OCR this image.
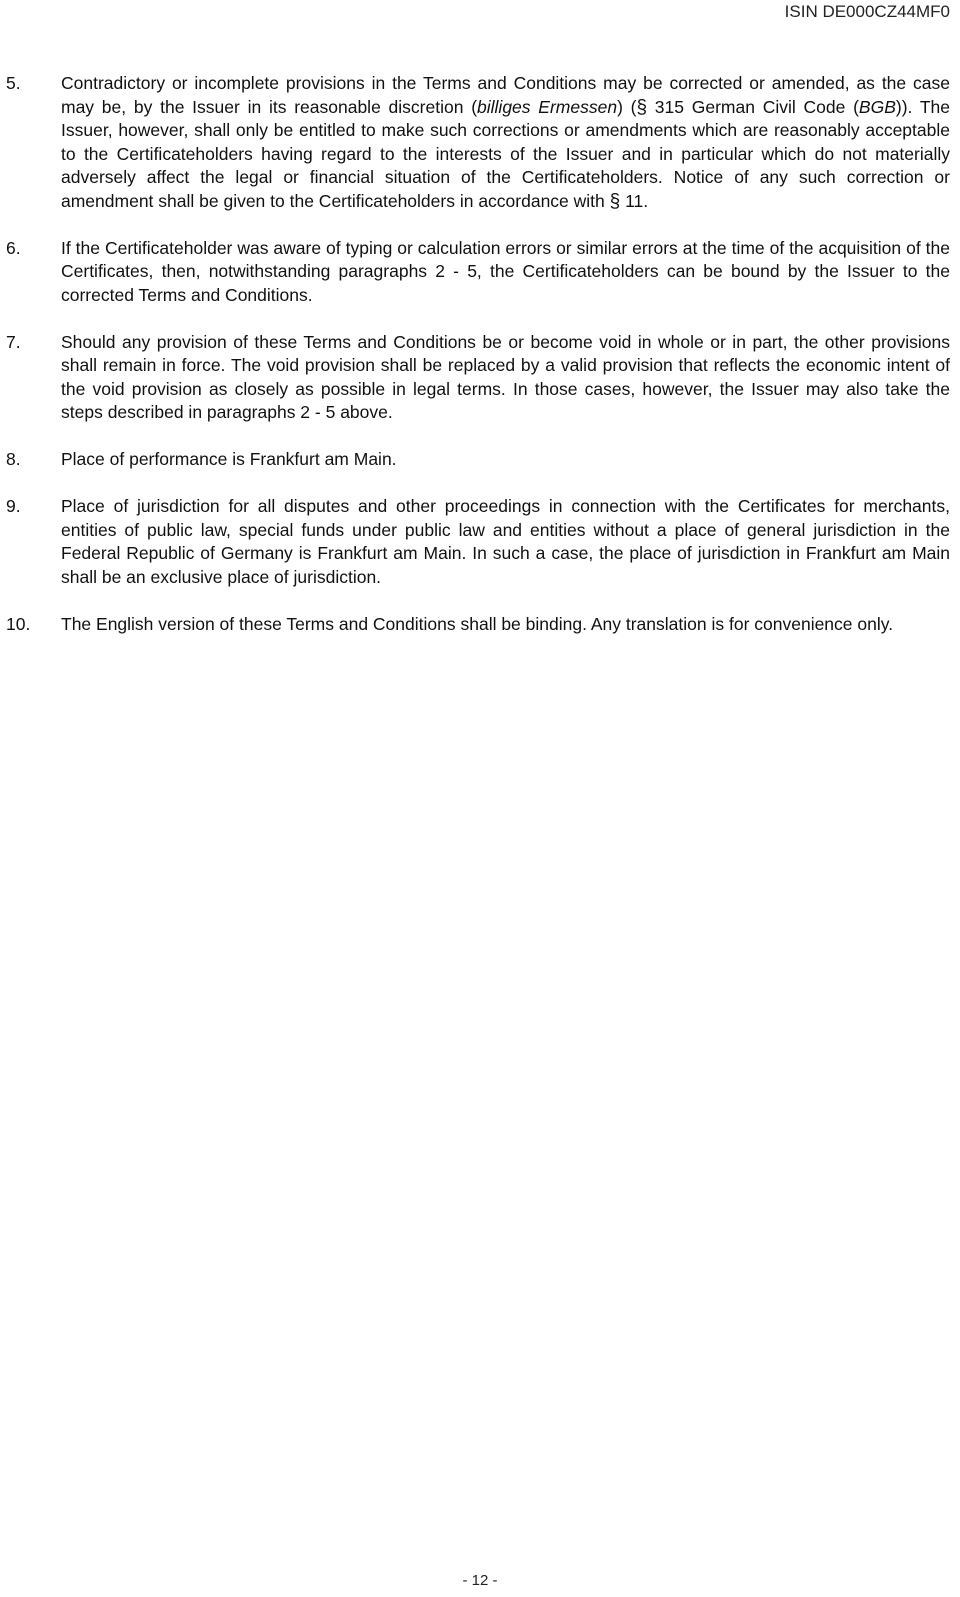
ISIN DE000CZ44MF0
5.	Contradictory or incomplete provisions in the Terms and Conditions may be corrected or amended, as the case may be, by the Issuer in its reasonable discretion (billiges Ermessen) (§ 315 German Civil Code (BGB)). The Issuer, however, shall only be entitled to make such corrections or amendments which are reasonably acceptable to the Certificateholders having regard to the interests of the Issuer and in particular which do not materially adversely affect the legal or financial situation of the Certificateholders. Notice of any such correction or amendment shall be given to the Certificateholders in accordance with § 11.
6.	If the Certificateholder was aware of typing or calculation errors or similar errors at the time of the acquisition of the Certificates, then, notwithstanding paragraphs 2 - 5, the Certificateholders can be bound by the Issuer to the corrected Terms and Conditions.
7.	Should any provision of these Terms and Conditions be or become void in whole or in part, the other provisions shall remain in force. The void provision shall be replaced by a valid provision that reflects the economic intent of the void provision as closely as possible in legal terms. In those cases, however, the Issuer may also take the steps described in paragraphs 2 - 5 above.
8.	Place of performance is Frankfurt am Main.
9.	Place of jurisdiction for all disputes and other proceedings in connection with the Certificates for merchants, entities of public law, special funds under public law and entities without a place of general jurisdiction in the Federal Republic of Germany is Frankfurt am Main. In such a case, the place of jurisdiction in Frankfurt am Main shall be an exclusive place of jurisdiction.
10.	The English version of these Terms and Conditions shall be binding. Any translation is for convenience only.
- 12 -
